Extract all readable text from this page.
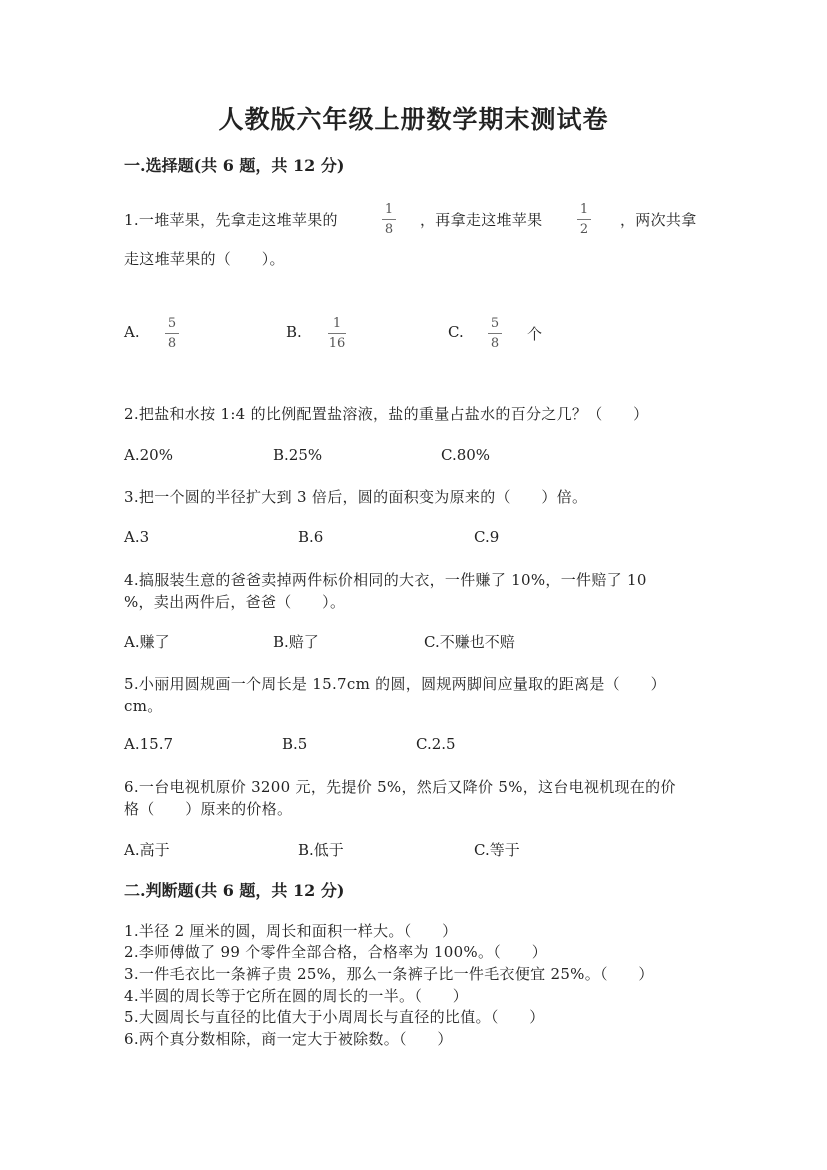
人教版六年级上册数学期末测试卷
一.选择题(共 6 题，共 12 分)
1.一堆苹果，先拿走这堆苹果的
1
8
，再拿走这堆苹果
1
2
，两次共拿
走这堆苹果的（　　）。
A. 5
8
B. 1
16
C. 5
8
个
2.把盐和水按 1:4 的比例配置盐溶液，盐的重量占盐水的百分之几？（　　）
A.20%	B.25%	C.80%
3.把一个圆的半径扩大到 3 倍后，圆的面积变为原来的（　　）倍。
A.3	B.6	C.9
4.搞服装生意的爸爸卖掉两件标价相同的大衣，一件赚了 10%，一件赔了 10
%，卖出两件后，爸爸（　　）。
A.赚了	B.赔了	C.不赚也不赔
5.小丽用圆规画一个周长是 15.7cm 的圆，圆规两脚间应量取的距离是（　　）
cm。
A.15.7	B.5	C.2.5
6.一台电视机原价 3200 元，先提价 5%，然后又降价 5%，这台电视机现在的价
格（　　）原来的价格。
A.高于	B.低于	C.等于
二.判断题(共 6 题，共 12 分)
1.半径 2 厘米的圆，周长和面积一样大。（　　）
2.李师傅做了 99 个零件全部合格，合格率为 100%。（　　）
3.一件毛衣比一条裤子贵 25%，那么一条裤子比一件毛衣便宜 25%。（　　）
4.半圆的周长等于它所在圆的周长的一半。（　　）
5.大圆周长与直径的比值大于小周周长与直径的比值。（　　）
6.两个真分数相除，商一定大于被除数。（　　）
